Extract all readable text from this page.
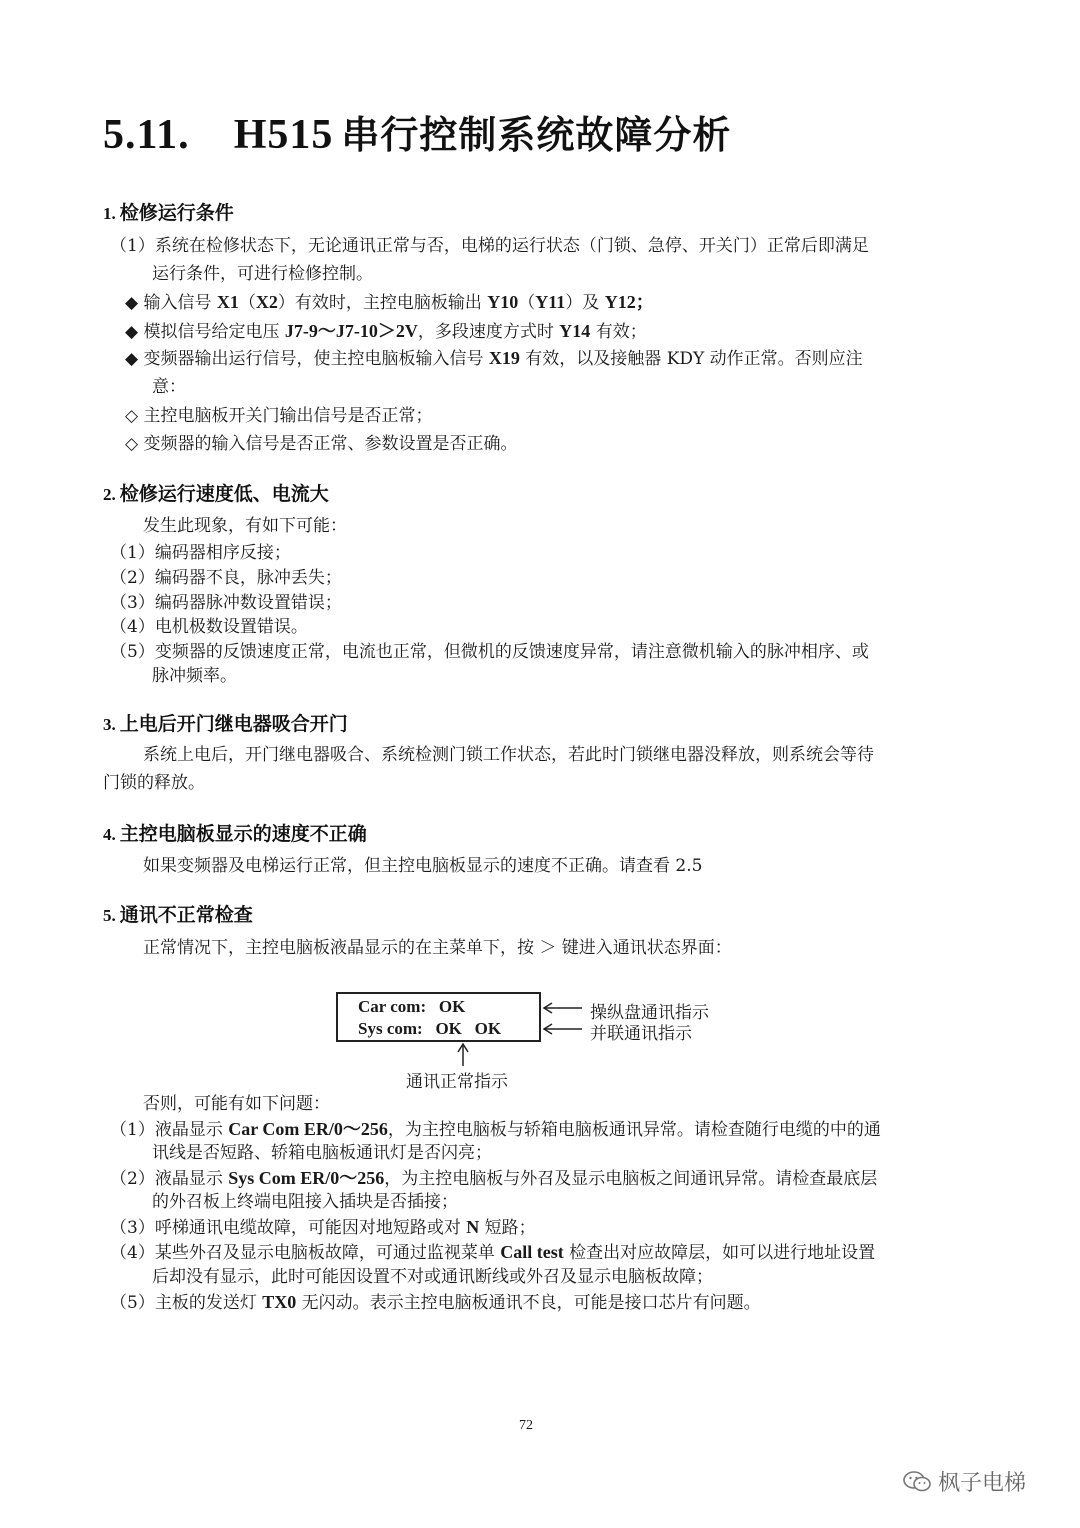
5.11. H515 串行控制系统故障分析
1. 检修运行条件
（1）系统在检修状态下，无论通讯正常与否，电梯的运行状态（门锁、急停、开关门）正常后即满足
运行条件，可进行检修控制。
◆ 输入信号 X1（X2）有效时，主控电脑板输出 Y10（Y11）及 Y12；
◆ 模拟信号给定电压 J7-9～J7-10＞2V，多段速度方式时 Y14 有效；
◆ 变频器输出运行信号，使主控电脑板输入信号 X19 有效，以及接触器 KDY 动作正常。否则应注
意：
◇ 主控电脑板开关门输出信号是否正常；
◇ 变频器的输入信号是否正常、参数设置是否正确。
2. 检修运行速度低、电流大
发生此现象，有如下可能：
（1）编码器相序反接；
（2）编码器不良，脉冲丢失；
（3）编码器脉冲数设置错误；
（4）电机极数设置错误。
（5）变频器的反馈速度正常，电流也正常，但微机的反馈速度异常，请注意微机输入的脉冲相序、或
脉冲频率。
3. 上电后开门继电器吸合开门
系统上电后，开门继电器吸合、系统检测门锁工作状态，若此时门锁继电器没释放，则系统会等待
门锁的释放。
4. 主控电脑板显示的速度不正确
如果变频器及电梯运行正常，但主控电脑板显示的速度不正确。请查看 2.5
5. 通讯不正常检查
正常情况下，主控电脑板液晶显示的在主菜单下，按 ＞ 键进入通讯状态界面：
Car com:   OK
Sys com:   OK   OK
操纵盘通讯指示
并联通讯指示
通讯正常指示
否则，可能有如下问题：
（1）液晶显示 Car Com ER/0～256，为主控电脑板与轿箱电脑板通讯异常。请检查随行电缆的中的通
讯线是否短路、轿箱电脑板通讯灯是否闪亮；
（2）液晶显示 Sys Com ER/0～256，为主控电脑板与外召及显示电脑板之间通讯异常。请检查最底层
的外召板上终端电阻接入插块是否插接；
（3）呼梯通讯电缆故障，可能因对地短路或对 N 短路；
（4）某些外召及显示电脑板故障，可通过监视菜单 Call test 检查出对应故障层，如可以进行地址设置
后却没有显示，此时可能因设置不对或通讯断线或外召及显示电脑板故障；
（5）主板的发送灯 TX0 无闪动。表示主控电脑板通讯不良，可能是接口芯片有问题。
72
枫子电梯
